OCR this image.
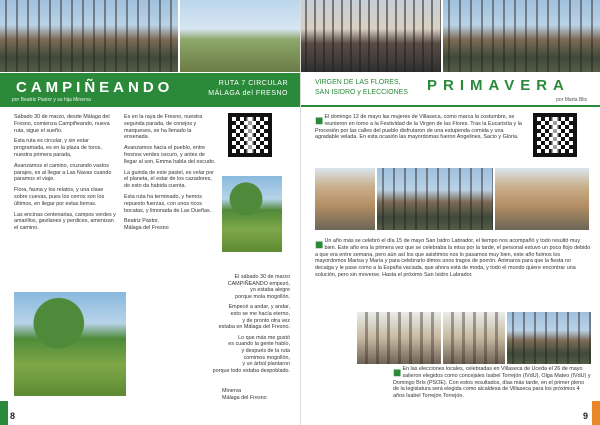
CAMPIÑEANDO	RUTA 7 CIRCULAR
MÁLAGA del FRESNO
por Beatriz Pastor y su hija Minerva

Sábado 30 de marzo, desde Málaga del Fresno, comienza Campiñeando, nueva ruta, sigue el sueño.

Esta ruta es circular, y sin estar programada, es en la plaza de toros, nuestra primera parada,

Avanzamos el camino, cruzando vastos parajes, es al llegar a Las Navas cuando paramos el viaje.

Flora, fauna y los relatos, y una clase sobre cuevas, pues los cerros son los últimos, en llegar por estas tierras.

Las encinas centenarias, campos verdes y amarillos, gavilanes y perdices, amenizan el camino.

Es en la raya de Fresno, nuestra segunda parada, de conejos y marqueses, se ha llenado la ensenada.

Avanzamos hacia el pueblo, entre fresnos verdes oscuro, y antes de llegar al son, Emma habla del escudo.

La guinda de este pastel, es velar por el planeta, el estar de los cazadores, de esto da habida cuenta.

Esta ruta ha terminado, y hemos repuesto fuerzas, con unos ricos bocatas, y limonada de Las Dueñas.

Beatriz Pastor,

Málaga del Fresno

El sábado 30 de marzo
CAMPIÑEANDO empezó,
yo estaba alegre
porque mola mogollón.
Empecé a andar, y andar,
esto se me hacía eterno,
y de pronto otra vez
estaba en Málaga del Fresno.
Lo que más me gustó
es cuando la gente hablo,
y después de la ruta
comimos mogollón,
y un árbol plantaron
porque todo estaba despoblado.
Minerva
Málaga del Fresno
8
VIRGEN DE LAS FLORES,
SAN ISIDRO y ELECCIONES PRIMAVERA
por Marta Blis
■ El domingo 12 de mayo las mujeres de Villaseca, como marca la costumbre, se reunieron en torno a la Festividad de la Virgen de las Flores. Tras la Eucaristía y la Procesión por las calles del pueblo disfrutaron de una estupenda comida y una agradable velada. En esta ocasión las mayordomas fueron Angelines, Sacio y Gloria.
■ Un año más se celebró el día 15 de mayo San Isidro Labrador, el tiempo nos acompañó y todo resultó muy bien. Este año era la primera vez que se celebraba la misa por la tarde, el personal estuvo un poco flojo debido a que era entre semana, pero aún así los que asistimos nos lo pasamos muy bien, este año fuimos los mayordomos Marisa y María y para celebrarlo dimos unos tragos de porrón. Animaros para que la fiesta no decaiga y le pase como a la España vaciada, que ahora está de moda, y todo el mundo quiere encontrar una solución, pero sin moverse. Hasta el próximo San Isidro Labrador.
■ En las elecciones locales, celebradas en Villaseca de Uceda el 26 de mayo salieron elegidos como concejales Isabel Torrejón (IVdU), Olga Mateo (IVdU) y Domingo Brís (PSOE). Con estos resultados, días más tarde, en el primer pleno de la legislatura será elegida como alcaldesa de Villaseca para los próximos 4 años Isabel Torrejón Torrejón.
9
